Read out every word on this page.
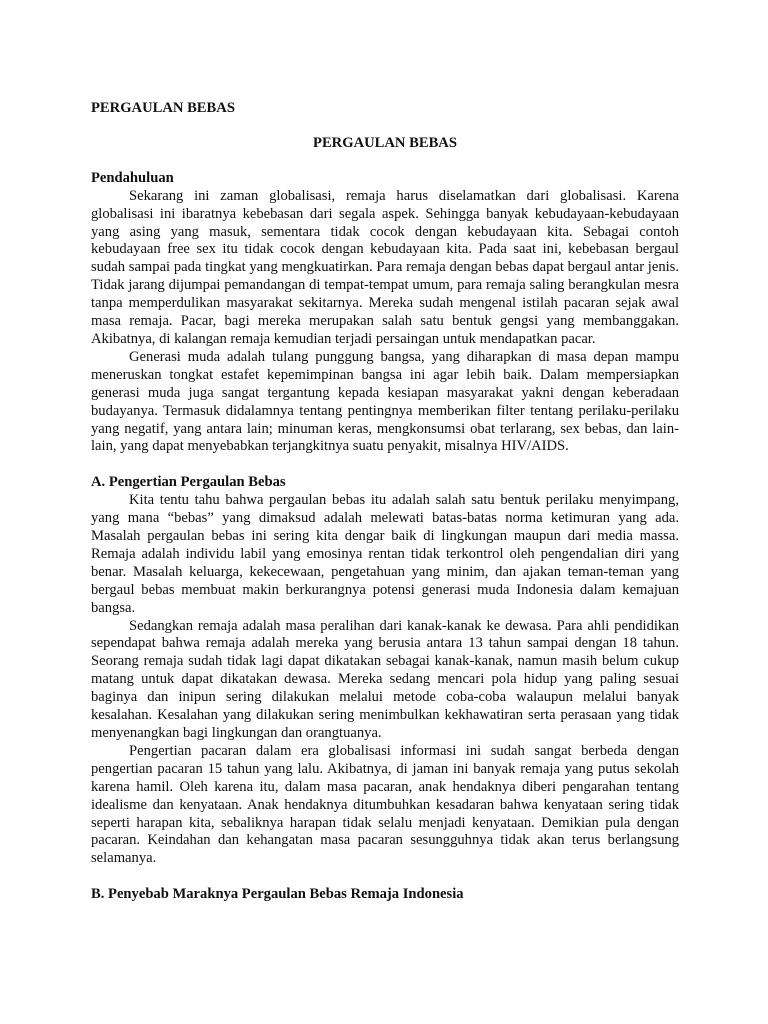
PERGAULAN BEBAS
PERGAULAN BEBAS
Pendahuluan

Sekarang ini zaman globalisasi, remaja harus diselamatkan dari globalisasi. Karena globalisasi ini ibaratnya kebebasan dari segala aspek. Sehingga banyak kebudayaan-kebudayaan yang asing yang masuk, sementara tidak cocok dengan kebudayaan kita. Sebagai contoh kebudayaan free sex itu tidak cocok dengan kebudayaan kita. Pada saat ini, kebebasan bergaul sudah sampai pada tingkat yang mengkuatirkan. Para remaja dengan bebas dapat bergaul antar jenis. Tidak jarang dijumpai pemandangan di tempat-tempat umum, para remaja saling berangkulan mesra tanpa memperdulikan masyarakat sekitarnya. Mereka sudah mengenal istilah pacaran sejak awal masa remaja. Pacar, bagi mereka merupakan salah satu bentuk gengsi yang membanggakan. Akibatnya, di kalangan remaja kemudian terjadi persaingan untuk mendapatkan pacar.

Generasi muda adalah tulang punggung bangsa, yang diharapkan di masa depan mampu meneruskan tongkat estafet kepemimpinan bangsa ini agar lebih baik. Dalam mempersiapkan generasi muda juga sangat tergantung kepada kesiapan masyarakat yakni dengan keberadaan budayanya. Termasuk didalamnya tentang pentingnya memberikan filter tentang perilaku-perilaku yang negatif, yang antara lain; minuman keras, mengkonsumsi obat terlarang, sex bebas, dan lain-lain, yang dapat menyebabkan terjangkitnya suatu penyakit, misalnya HIV/AIDS.

A. Pengertian Pergaulan Bebas

Kita tentu tahu bahwa pergaulan bebas itu adalah salah satu bentuk perilaku menyimpang, yang mana “bebas” yang dimaksud adalah melewati batas-batas norma ketimuran yang ada. Masalah pergaulan bebas ini sering kita dengar baik di lingkungan maupun dari media massa. Remaja adalah individu labil yang emosinya rentan tidak terkontrol oleh pengendalian diri yang benar. Masalah keluarga, kekecewaan, pengetahuan yang minim, dan ajakan teman-teman yang bergaul bebas membuat makin berkurangnya potensi generasi muda Indonesia dalam kemajuan bangsa.

Sedangkan remaja adalah masa peralihan dari kanak-kanak ke dewasa. Para ahli pendidikan sependapat bahwa remaja adalah mereka yang berusia antara 13 tahun sampai dengan 18 tahun. Seorang remaja sudah tidak lagi dapat dikatakan sebagai kanak-kanak, namun masih belum cukup matang untuk dapat dikatakan dewasa. Mereka sedang mencari pola hidup yang paling sesuai baginya dan inipun sering dilakukan melalui metode coba-coba walaupun melalui banyak kesalahan. Kesalahan yang dilakukan sering menimbulkan kekhawatiran serta perasaan yang tidak menyenangkan bagi lingkungan dan orangtuanya.

Pengertian pacaran dalam era globalisasi informasi ini sudah sangat berbeda dengan pengertian pacaran 15 tahun yang lalu. Akibatnya, di jaman ini banyak remaja yang putus sekolah karena hamil. Oleh karena itu, dalam masa pacaran, anak hendaknya diberi pengarahan tentang idealisme dan kenyataan. Anak hendaknya ditumbuhkan kesadaran bahwa kenyataan sering tidak seperti harapan kita, sebaliknya harapan tidak selalu menjadi kenyataan. Demikian pula dengan pacaran. Keindahan dan kehangatan masa pacaran sesungguhnya tidak akan terus berlangsung selamanya.

B. Penyebab Maraknya Pergaulan Bebas Remaja Indonesia
